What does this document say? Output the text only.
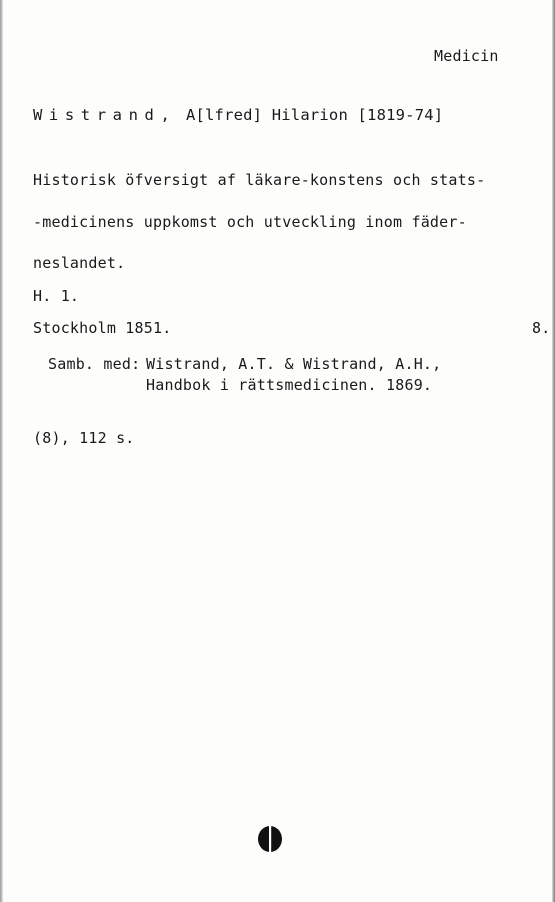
Medicin
Wistrand, A[lfred] Hilarion [1819-74]
Historisk öfversigt af läkare-konstens och stats-
-medicinens uppkomst och utveckling inom fäder-
neslandet.
H. 1.
Stockholm 1851.	8.
Samb. med: Wistrand, A.T. & Wistrand, A.H.,
Handbok i rättsmedicinen. 1869.
(8), 112 s.
